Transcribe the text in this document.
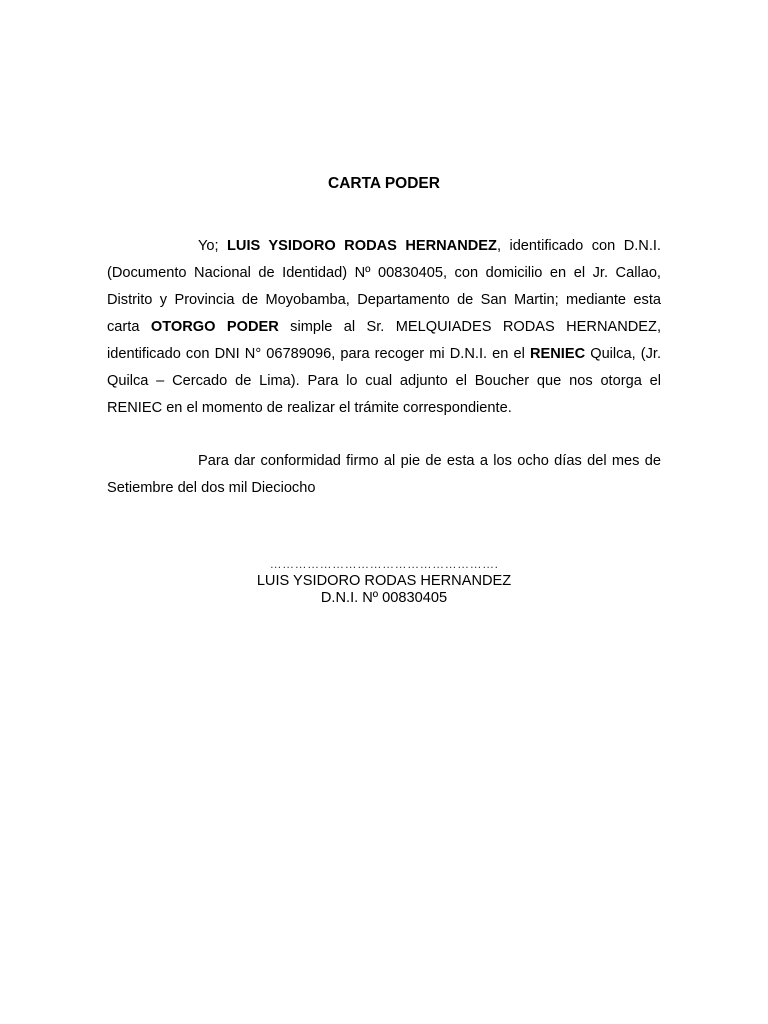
CARTA PODER

Yo; LUIS YSIDORO RODAS HERNANDEZ, identificado con D.N.I. (Documento Nacional de Identidad) Nº 00830405, con domicilio en el Jr. Callao, Distrito y Provincia de Moyobamba, Departamento de San Martin; mediante esta carta OTORGO PODER simple al Sr. MELQUIADES RODAS HERNANDEZ, identificado con DNI N° 06789096, para recoger mi D.N.I. en el RENIEC Quilca, (Jr. Quilca – Cercado de Lima). Para lo cual adjunto el Boucher que nos otorga el RENIEC en el momento de realizar el trámite correspondiente.

Para dar conformidad firmo al pie de esta a los ocho días del mes de Setiembre del dos mil Dieciocho

……………………………………………….
LUIS YSIDORO RODAS HERNANDEZ
D.N.I. Nº 00830405
